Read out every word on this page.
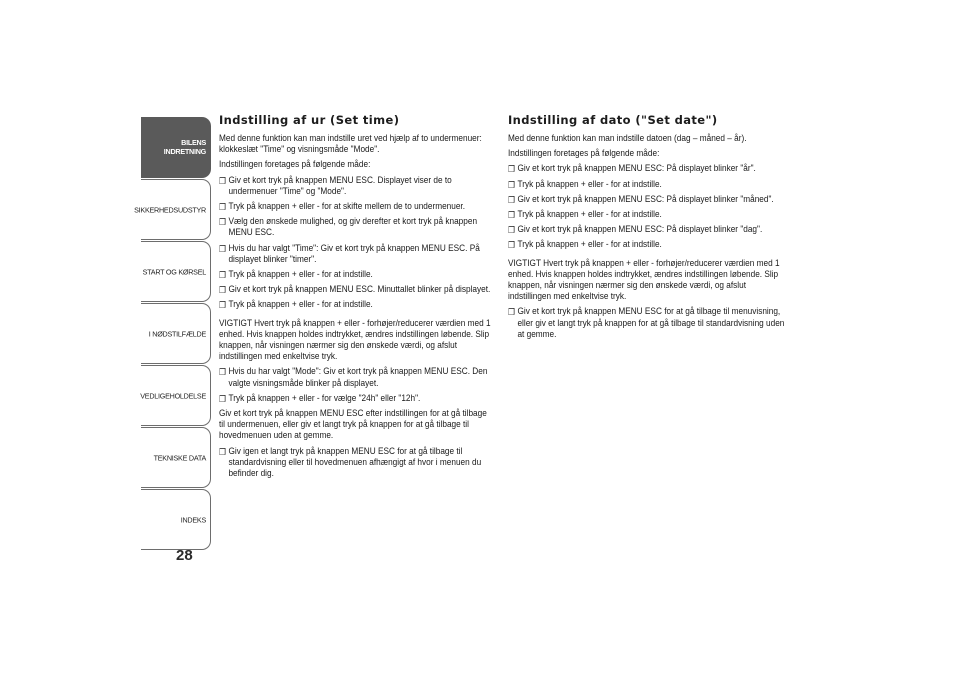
BILENS
INDRETNING
SIKKERHEDSUDSTYR
START OG KØRSEL
I NØDSTILFÆLDE
VEDLIGEHOLDELSE
TEKNISKE DATA
INDEKS
28
Indstilling af ur (Set time)

Med denne funktion kan man indstille uret ved hjælp af to undermenuer: klokkeslæt "Time" og visningsmåde "Mode".

Indstillingen foretages på følgende måde:

❒ Giv et kort tryk på knappen MENU ESC. Displayet viser de to undermenuer "Time" og "Mode".
❒ Tryk på knappen + eller - for at skifte mellem de to undermenuer.
❒ Vælg den ønskede mulighed, og giv derefter et kort tryk på knappen MENU ESC.
❒ Hvis du har valgt "Time": Giv et kort tryk på knappen MENU ESC. På displayet blinker "timer".
❒ Tryk på knappen + eller - for at indstille.
❒ Giv et kort tryk på knappen MENU ESC. Minuttallet blinker på displayet.
❒ Tryk på knappen + eller - for at indstille.

VIGTIGT Hvert tryk på knappen + eller - forhøjer/reducerer værdien med 1 enhed. Hvis knappen holdes indtrykket, ændres indstillingen løbende. Slip knappen, når visningen nærmer sig den ønskede værdi, og afslut indstillingen med enkeltvise tryk.

❒ Hvis du har valgt "Mode": Giv et kort tryk på knappen MENU ESC. Den valgte visningsmåde blinker på displayet.
❒ Tryk på knappen + eller - for vælge "24h" eller "12h".

Giv et kort tryk på knappen MENU ESC efter indstillingen for at gå tilbage til undermenuen, eller giv et langt tryk på knappen for at gå tilbage til hovedmenuen uden at gemme.

❒ Giv igen et langt tryk på knappen MENU ESC for at gå tilbage til standardvisning eller til hovedmenuen afhængigt af hvor i menuen du befinder dig.
Indstilling af dato ("Set date")

Med denne funktion kan man indstille datoen (dag – måned – år).

Indstillingen foretages på følgende måde:

❒ Giv et kort tryk på knappen MENU ESC: På displayet blinker "år".
❒ Tryk på knappen + eller - for at indstille.
❒ Giv et kort tryk på knappen MENU ESC: På displayet blinker "måned".
❒ Tryk på knappen + eller - for at indstille.
❒ Giv et kort tryk på knappen MENU ESC: På displayet blinker "dag".
❒ Tryk på knappen + eller - for at indstille.

VIGTIGT Hvert tryk på knappen + eller - forhøjer/reducerer værdien med 1 enhed. Hvis knappen holdes indtrykket, ændres indstillingen løbende. Slip knappen, når visningen nærmer sig den ønskede værdi, og afslut indstillingen med enkeltvise tryk.

❒ Giv et kort tryk på knappen MENU ESC for at gå tilbage til menuvisning, eller giv et langt tryk på knappen for at gå tilbage til standardvisning uden at gemme.
